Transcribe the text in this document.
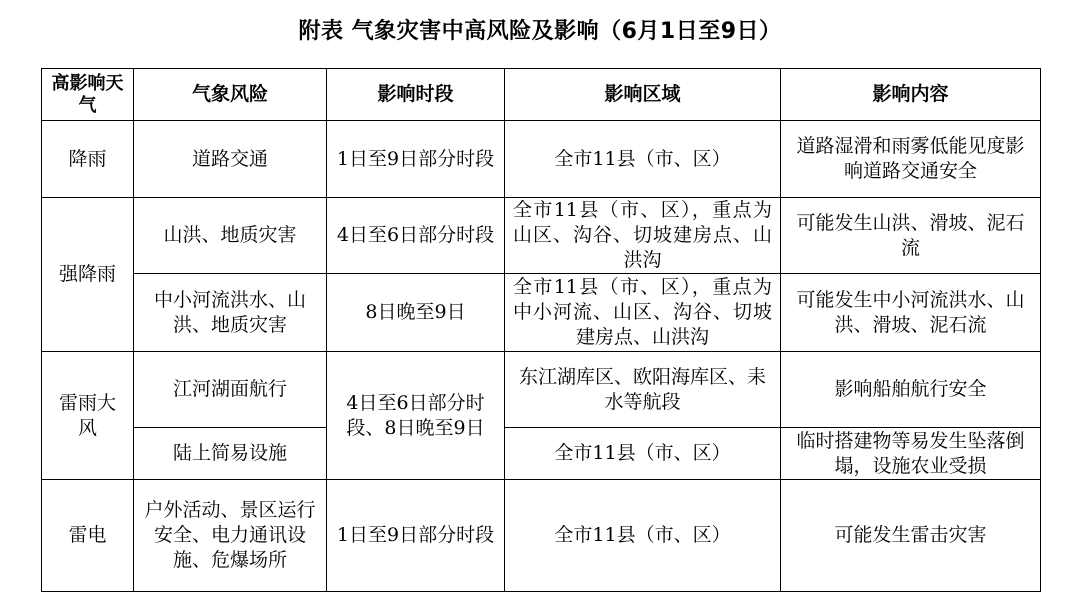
附表 气象灾害中高风险及影响（6月1日至9日）
高影响天气	气象风险	影响时段	影响区域	影响内容
降雨	道路交通	1日至9日部分时段	全市11县（市、区）	道路湿滑和雨雾低能见度影响道路交通安全
强降雨	山洪、地质灾害	4日至6日部分时段	全市11县（市、区），重点为山区、沟谷、切坡建房点、山洪沟	可能发生山洪、滑坡、泥石流
	中小河流洪水、山洪、地质灾害	8日晚至9日	全市11县（市、区），重点为中小河流、山区、沟谷、切坡建房点、山洪沟	可能发生中小河流洪水、山洪、滑坡、泥石流
雷雨大风	江河湖面航行	4日至6日部分时段、8日晚至9日	东江湖库区、欧阳海库区、耒水等航段	影响船舶航行安全
	陆上简易设施		全市11县（市、区）	临时搭建物等易发生坠落倒塌，设施农业受损
雷电	户外活动、景区运行安全、电力通讯设施、危爆场所	1日至9日部分时段	全市11县（市、区）	可能发生雷击灾害
